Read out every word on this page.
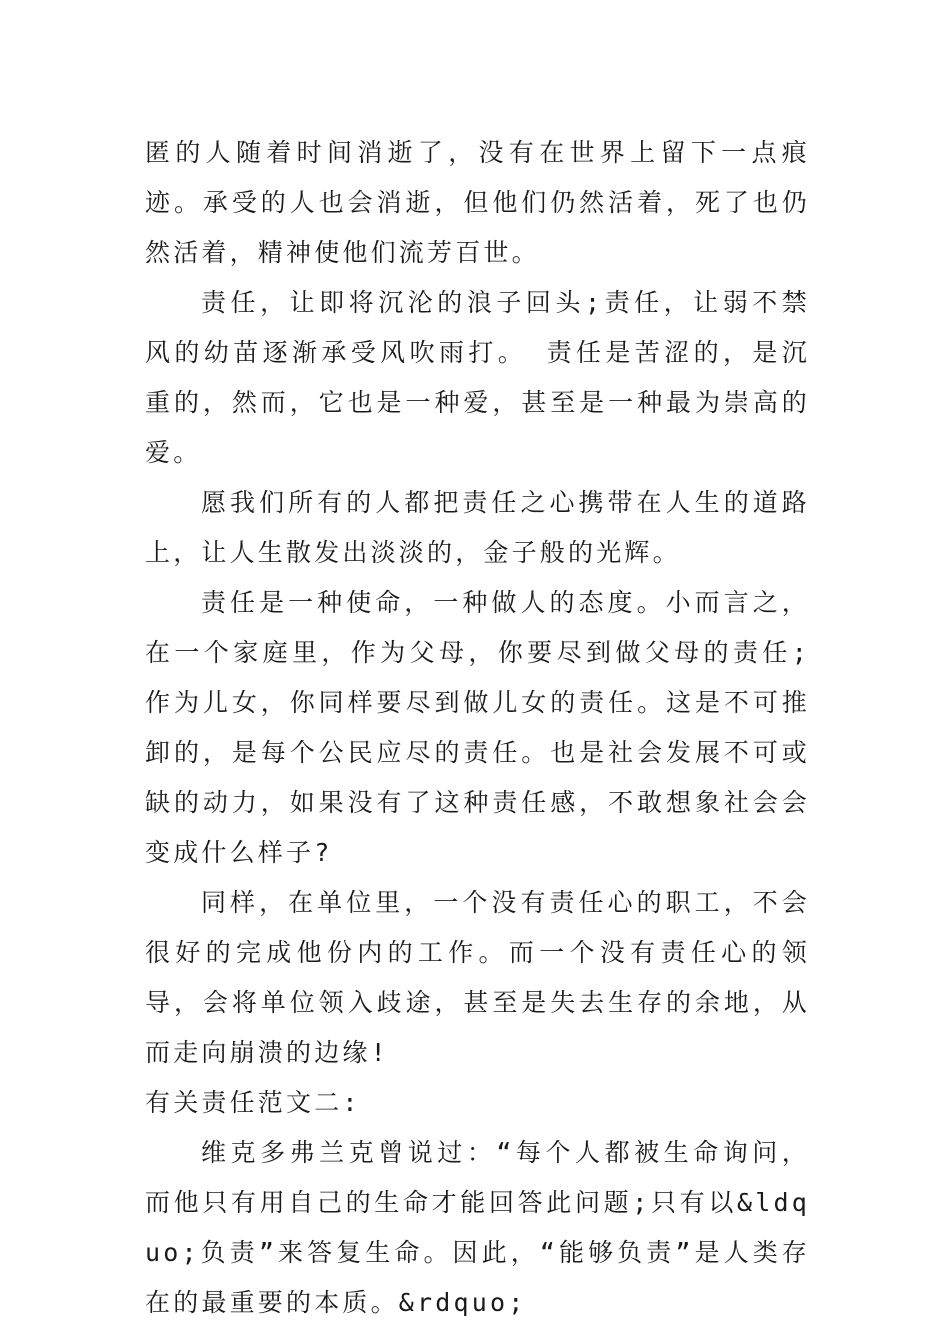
匿的人随着时间消逝了，没有在世界上留下一点痕迹。承受的人也会消逝，但他们仍然活着，死了也仍然活着，精神使他们流芳百世。

责任，让即将沉沦的浪子回头;责任，让弱不禁风的幼苗逐渐承受风吹雨打。 责任是苦涩的，是沉重的，然而，它也是一种爱，甚至是一种最为崇高的爱。

愿我们所有的人都把责任之心携带在人生的道路上，让人生散发出淡淡的，金子般的光辉。

责任是一种使命，一种做人的态度。小而言之，在一个家庭里，作为父母，你要尽到做父母的责任;作为儿女，你同样要尽到做儿女的责任。这是不可推卸的，是每个公民应尽的责任。也是社会发展不可或缺的动力，如果没有了这种责任感，不敢想象社会会变成什么样子?

同样，在单位里，一个没有责任心的职工，不会很好的完成他份内的工作。而一个没有责任心的领导，会将单位领入歧途，甚至是失去生存的余地，从而走向崩溃的边缘!

有关责任范文二:

维克多弗兰克曾说过：“每个人都被生命询问，而他只有用自己的生命才能回答此问题;只有以&ldquo;负责”来答复生命。因此，“能够负责”是人类存在的最重要的本质。&rdquo;
